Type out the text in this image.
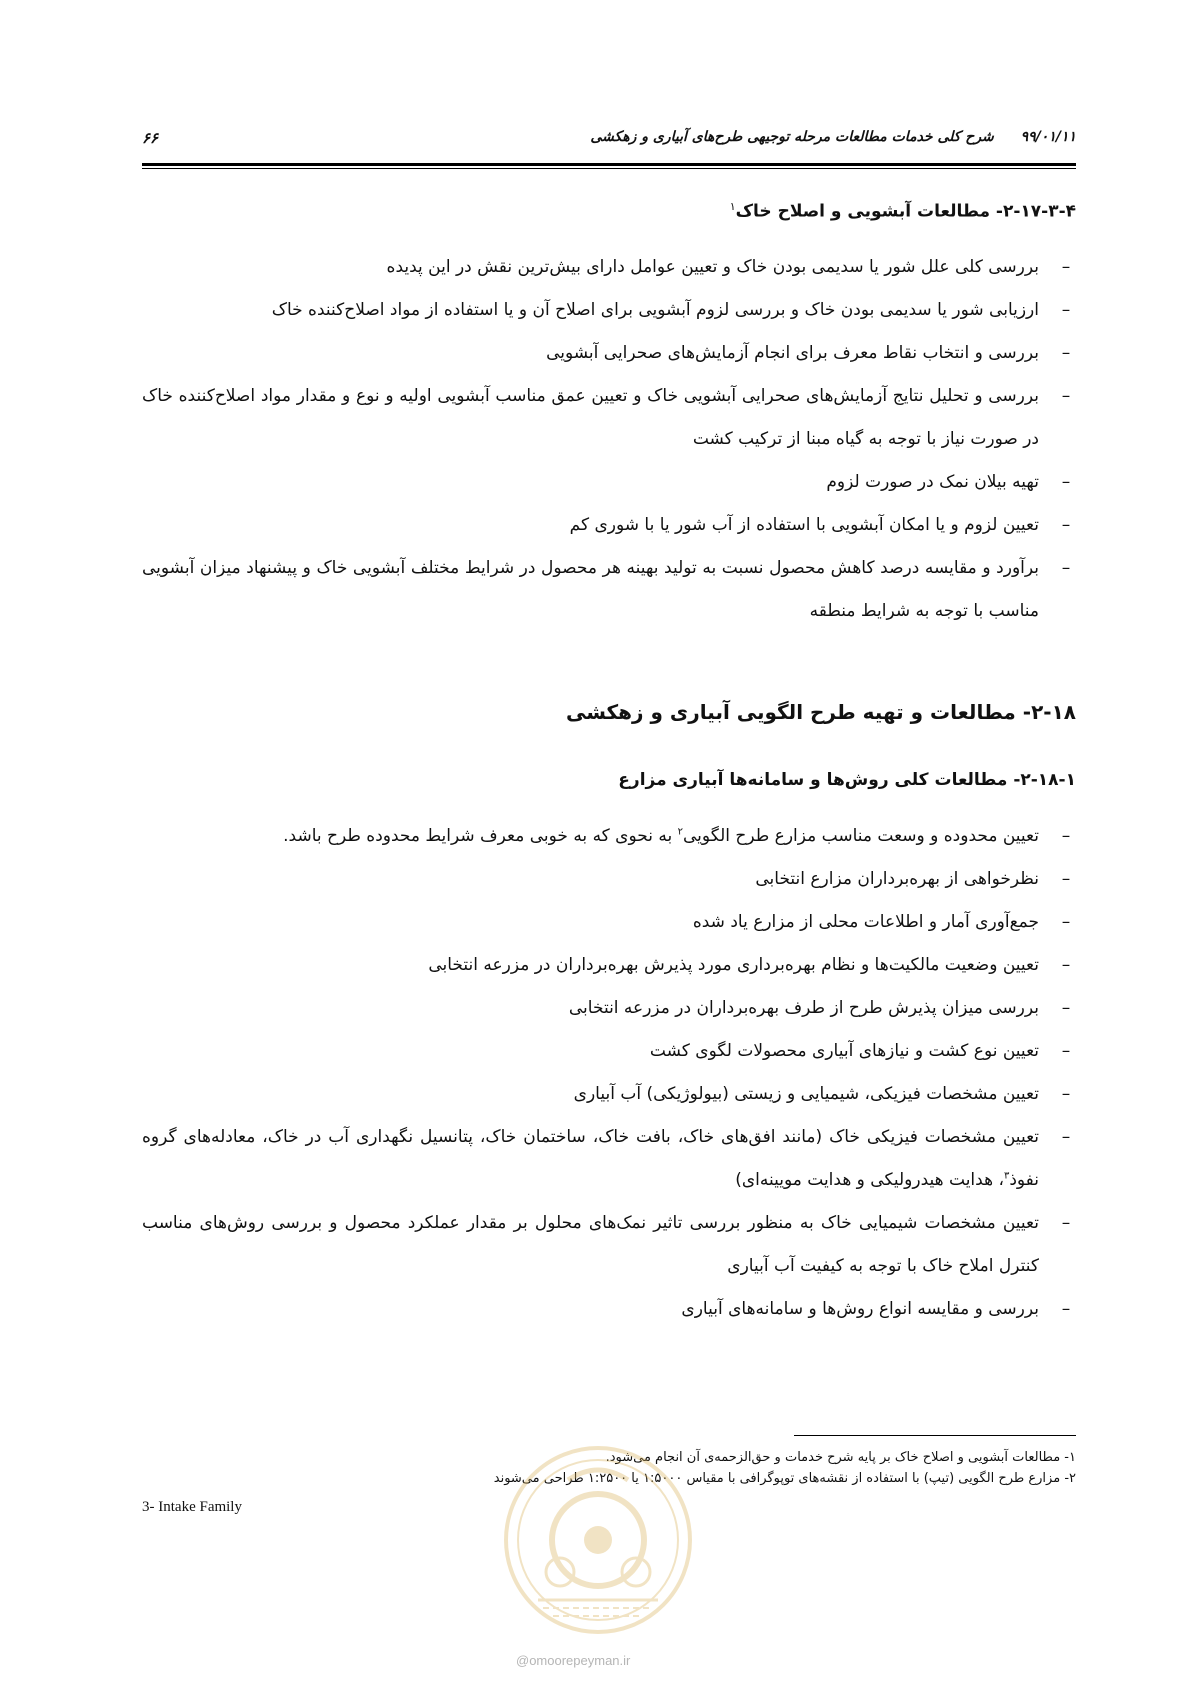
۹۹/۰۱/۱۱ شرح کلی خدمات مطالعات مرحله توجیهی طرح‌های آبیاری و زهکشی
۶۶
۲-۱۷-۳-۴- مطالعات آبشویی و اصلاح خاک$^۱$
–
بررسی کلی علل شور یا سدیمی بودن خاک و تعیین عوامل دارای بیش‌ترین نقش در این پدیده
–
ارزیابی شور یا سدیمی بودن خاک و بررسی لزوم آبشویی برای اصلاح آن و یا استفاده از مواد اصلاح‌کننده خاک
–
بررسی و انتخاب نقاط معرف برای انجام آزمایش‌های صحرایی آبشویی
–
بررسی و تحلیل نتایج آزمایش‌های صحرایی آبشویی خاک و تعیین عمق مناسب آبشویی اولیه و نوع و مقدار مواد اصلاح‌کننده خاک در صورت نیاز با توجه به گیاه مبنا از ترکیب کشت
–
تهیه بیلان نمک در صورت لزوم
–
تعیین لزوم و یا امکان آبشویی با استفاده از آب شور یا با شوری کم
–
برآورد و مقایسه درصد کاهش محصول نسبت به تولید بهینه هر محصول در شرایط مختلف آبشویی خاک و پیشنهاد میزان آبشویی مناسب با توجه به شرایط منطقه
۲-۱۸- مطالعات و تهیه طرح الگویی آبیاری و زهکشی
۲-۱۸-۱- مطالعات کلی روش‌ها و سامانه‌ها آبیاری مزارع
–
تعیین محدوده و وسعت مناسب مزارع طرح الگویی$^۲$ به نحوی که به خوبی معرف شرایط محدوده طرح باشد.
–
نظرخواهی از بهره‌برداران مزارع انتخابی
–
جمع‌آوری آمار و اطلاعات محلی از مزارع یاد شده
–
تعیین وضعیت مالکیت‌ها و نظام بهره‌برداری مورد پذیرش بهره‌برداران در مزرعه انتخابی
–
بررسی میزان پذیرش طرح از طرف بهره‌برداران در مزرعه انتخابی
–
تعیین نوع کشت و نیازهای آبیاری محصولات لگوی کشت
–
تعیین مشخصات فیزیکی، شیمیایی و زیستی (بیولوژیکی) آب آبیاری
–
تعیین مشخصات فیزیکی خاک (مانند افق‌های خاک، بافت خاک، ساختمان خاک، پتانسیل نگهداری آب در خاک، معادله‌های گروه نفوذ$^۳$، هدایت هیدرولیکی و هدایت مویینه‌ای)
–
تعیین مشخصات شیمیایی خاک به منظور بررسی تاثیر نمک‌های محلول بر مقدار عملکرد محصول و بررسی روش‌های مناسب کنترل املاح خاک با توجه به کیفیت آب آبیاری
–
بررسی و مقایسه انواع روش‌ها و سامانه‌های آبیاری
۱- مطالعات آبشویی و اصلاح خاک بر پایه شرح خدمات و حق‌الزحمه‌ی آن انجام می‌شود.
۲- مزارع طرح الگویی (تیپ) با استفاده از نقشه‌های توپوگرافی با مقیاس ۱:۵۰۰۰ یا ۱:۲۵۰۰ طراحی می‌شوند
3- Intake Family
@omoorepeyman.ir
